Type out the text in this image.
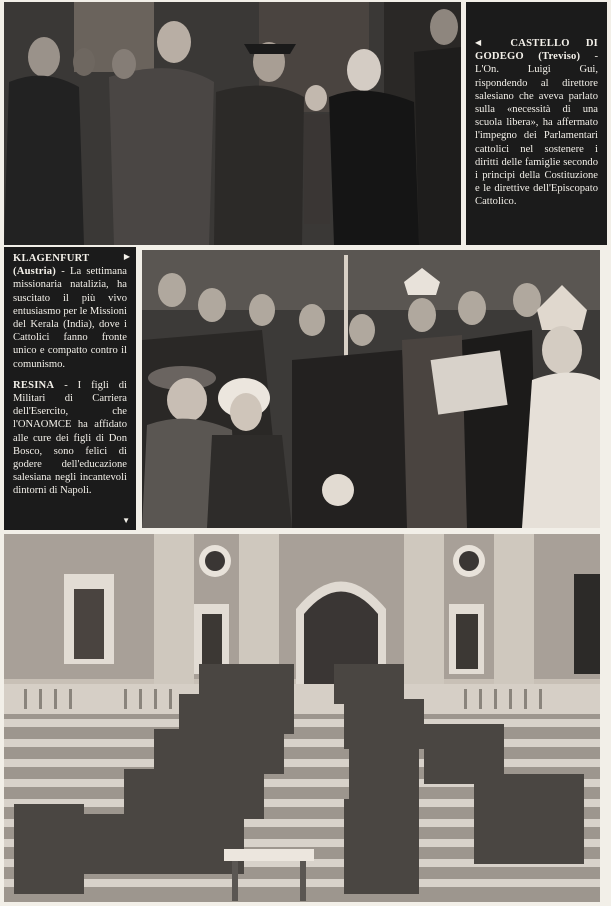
◀ CASTELLO DI GODEGO (Treviso) - L'On. Luigi Gui, rispondendo al direttore salesiano che aveva parlato sulla «necessità di una scuola libera», ha affermato l'impegno dei Parlamentari cattolici nel sostenere i diritti delle famiglie secondo i principi della Costituzione e le direttive dell'Episcopato Cattolico.

KLAGENFURT (Austria) - La settimana missionaria natalizia, ha suscitato il più vivo entusiasmo per le Missioni del Kerala (India), dove i Cattolici fanno fronte unico e compatto contro il comunismo.

RESINA - I figli di Militari di Carriera dell'Esercito, che l'ONAOMCE ha affidato alle cure dei figli di Don Bosco, sono felici di godere dell'educazione salesiana negli incantevoli dintorni di Napoli.

▶
▼
